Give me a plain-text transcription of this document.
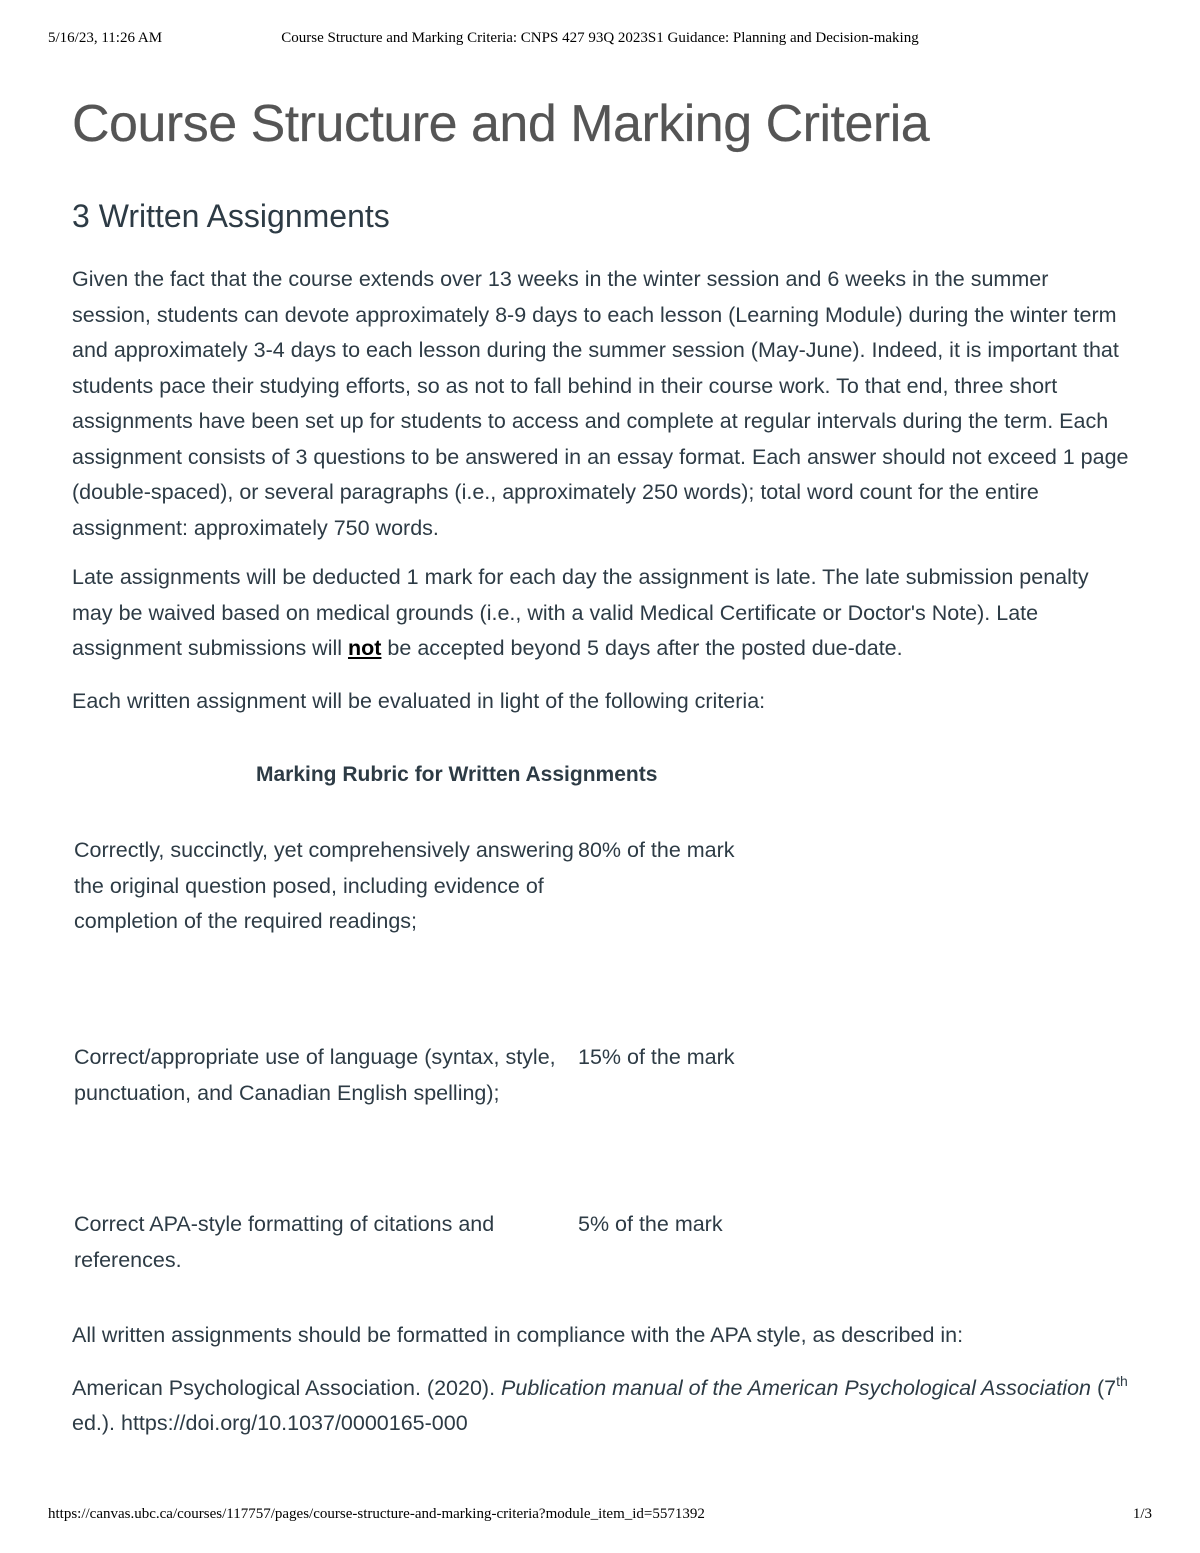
5/16/23, 11:26 AM	Course Structure and Marking Criteria: CNPS 427 93Q 2023S1 Guidance: Planning and Decision-making
Course Structure and Marking Criteria
3 Written Assignments

Given the fact that the course extends over 13 weeks in the winter session and 6 weeks in the summer session, students can devote approximately 8-9 days to each lesson (Learning Module) during the winter term and approximately 3-4 days to each lesson during the summer session (May-June). Indeed, it is important that students pace their studying efforts, so as not to fall behind in their course work. To that end, three short assignments have been set up for students to access and complete at regular intervals during the term. Each assignment consists of 3 questions to be answered in an essay format. Each answer should not exceed 1 page (double-spaced), or several paragraphs (i.e., approximately 250 words); total word count for the entire assignment: approximately 750 words.

Late assignments will be deducted 1 mark for each day the assignment is late. The late submission penalty may be waived based on medical grounds (i.e., with a valid Medical Certificate or Doctor's Note). Late assignment submissions will not be accepted beyond 5 days after the posted due-date.

Each written assignment will be evaluated in light of the following criteria:

Marking Rubric for Written Assignments
Correctly, succinctly, yet comprehensively answering the original question posed, including evidence of completion of the required readings;	80% of the mark
Correct/appropriate use of language (syntax, style, punctuation, and Canadian English spelling);	15% of the mark
Correct APA-style formatting of citations and references.	5% of the mark

All written assignments should be formatted in compliance with the APA style, as described in:

American Psychological Association. (2020). Publication manual of the American Psychological Association (7th ed.). https://doi.org/10.1037/0000165-000

https://canvas.ubc.ca/courses/117757/pages/course-structure-and-marking-criteria?module_item_id=5571392	1/3
